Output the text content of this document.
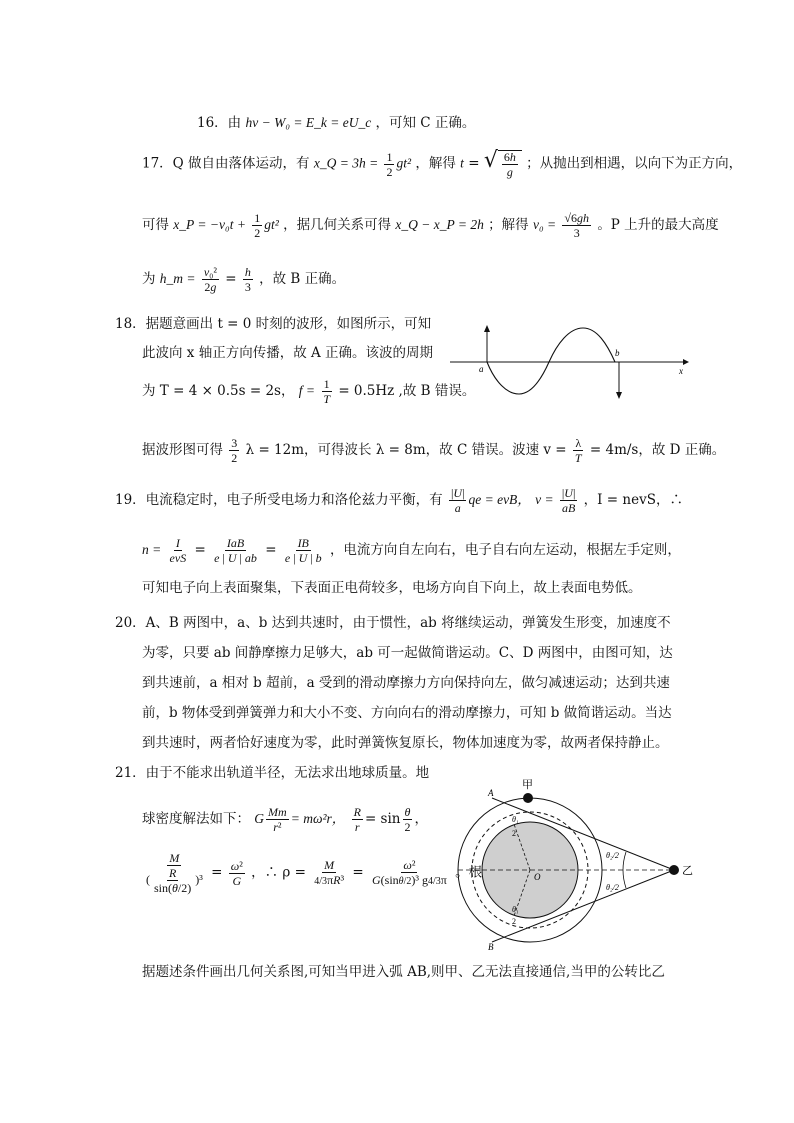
16．由 hν − W₀ = E_k = eU_c ，可知 C 正确。
17．Q 做自由落体运动，有 x_Q = $3h = \frac{1}{2} gt^2$ ，解得 t = √ $\frac{6h}{g}$ ；从抛出到相遇，以向下为正方向，
可得 x_P = $-v_0t + \frac{1}{2} gt^2$ ，据几何关系可得 x_Q − x_P = 2h ；解得 $v_0 = \frac{√6gh}{3}$ 。P 上升的最大高度
为 h_m = $\frac{\text{v₀²}}{2g} = \frac{h}{3}$ ，故 B 正确。
18．据题意画出 t = 0 时刻的波形，如图所示，可知
此波向 x 轴正方向传播，故 A 正确。该波的周期
为 T = 4 × 0.5s = 2s， $f = \frac{1}{T} = 0.5Hz$ ,故 B 错误。
a
b
x
据波形图可得 $\frac{3}{2}$ λ = 12m，可得波长 λ = 8m，故 C 错误。波速 $v = \frac{\lambda}{T} = 4m/s$，故 D 正确。
19．电流稳定时，电子所受电场力和洛伦兹力平衡，有 $\frac{|U|}{a}$ qe = evB， $v = \frac{|U|}{aB}$ ，I = nevS，∴
$n = \frac{I}{\text{evS}} = \frac{\text{IaB}}{e | U | ab} = \frac{IB}{e | U | b}$ ，电流方向自左向右，电子自右向左运动，根据左手定则，
可知电子向上表面聚集，下表面正电荷较多，电场方向自下向上，故上表面电势低。
20．A、B 两图中，a、b 达到共速时，由于惯性，ab 将继续运动，弹簧发生形变，加速度不
为零，只要 ab 间静摩擦力足够大，ab 可一起做简谐运动。C、D 两图中，由图可知，达
到共速前，a 相对 b 超前，a 受到的滑动摩擦力方向保持向左，做匀减速运动；达到共速
前，b 物体受到弹簧弹力和大小不变、方向向右的滑动摩擦力，可知 b 做简谐运动。当达
到共速时，两者恰好速度为零，此时弹簧恢复原长，物体加速度为零，故两者保持静止。
21．由于不能求出轨道半径，无法求出地球质量。地
球密度解法如下： G $\frac{Mm}{\text{r²}} = m\omega^2r$， $\frac{R}{r} = \sin \frac{\theta}{2}$ ，
$\frac{M}{( \frac{R}{\sin(\theta/2)} )^3} = \frac{\text{ω²}}{G}$ ，∴ $\rho = \frac{M}{\text{4/3πR³}} = \frac{\text{ω²}}{\text{G(sinθ/2)³ g4/3π}}$ 。根
甲
乙
A
B
O
θ₁
2
θ₁
2
θ₂/2
θ₂/2
据题述条件画出几何关系图,可知当甲进入弧 AB,则甲、乙无法直接通信,当甲的公转比乙
